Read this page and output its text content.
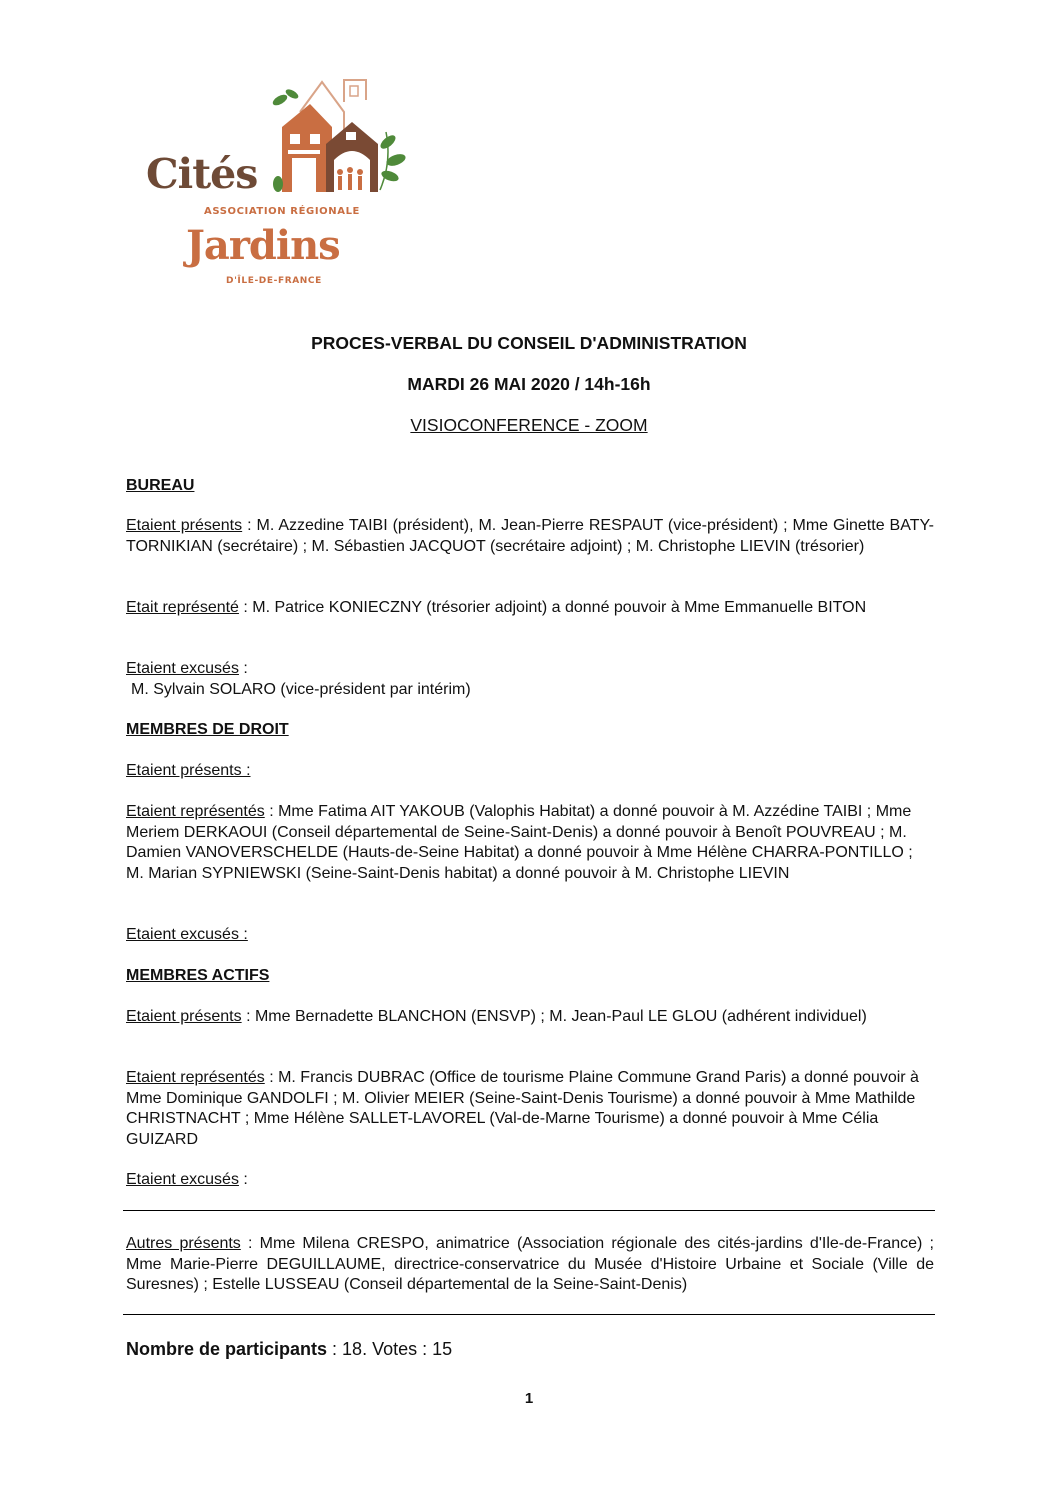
Cités
ASSOCIATION RÉGIONALE
Jardins
D'ÎLE-DE-FRANCE
PROCES-VERBAL DU CONSEIL D'ADMINISTRATION
MARDI 26 MAI 2020 / 14h-16h
VISIOCONFERENCE - ZOOM
BUREAU
Etaient présents : M. Azzedine TAIBI (président), M. Jean-Pierre RESPAUT (vice-président) ; Mme Ginette BATY-TORNIKIAN (secrétaire) ; M. Sébastien JACQUOT (secrétaire adjoint) ; M. Christophe LIEVIN (trésorier)
Etait représenté : M. Patrice KONIECZNY (trésorier adjoint) a donné pouvoir à Mme Emmanuelle BITON
Etaient excusés :
M. Sylvain SOLARO (vice-président par intérim)
MEMBRES DE DROIT
Etaient présents :
Etaient représentés : Mme Fatima AIT YAKOUB (Valophis Habitat) a donné pouvoir à M. Azzédine TAIBI ; Mme Meriem DERKAOUI (Conseil départemental de Seine-Saint-Denis) a donné pouvoir à Benoît POUVREAU ; M. Damien VANOVERSCHELDE (Hauts-de-Seine Habitat) a donné pouvoir à Mme Hélène CHARRA-PONTILLO ; M. Marian SYPNIEWSKI (Seine-Saint-Denis habitat) a donné pouvoir à M. Christophe LIEVIN
Etaient excusés :
MEMBRES ACTIFS
Etaient présents : Mme Bernadette BLANCHON (ENSVP) ; M. Jean-Paul LE GLOU (adhérent individuel)
Etaient représentés : M. Francis DUBRAC (Office de tourisme Plaine Commune Grand Paris) a donné pouvoir à Mme Dominique GANDOLFI ; M. Olivier MEIER (Seine-Saint-Denis Tourisme) a donné pouvoir à Mme Mathilde CHRISTNACHT ; Mme Hélène SALLET-LAVOREL (Val-de-Marne Tourisme) a donné pouvoir à Mme Célia GUIZARD
Etaient excusés :
Autres présents : Mme Milena CRESPO, animatrice (Association régionale des cités-jardins d'Ile-de-France) ; Mme Marie-Pierre DEGUILLAUME, directrice-conservatrice du Musée d'Histoire Urbaine et Sociale (Ville de Suresnes) ; Estelle LUSSEAU (Conseil départemental de la Seine-Saint-Denis)
Nombre de participants : 18. Votes : 15
1
